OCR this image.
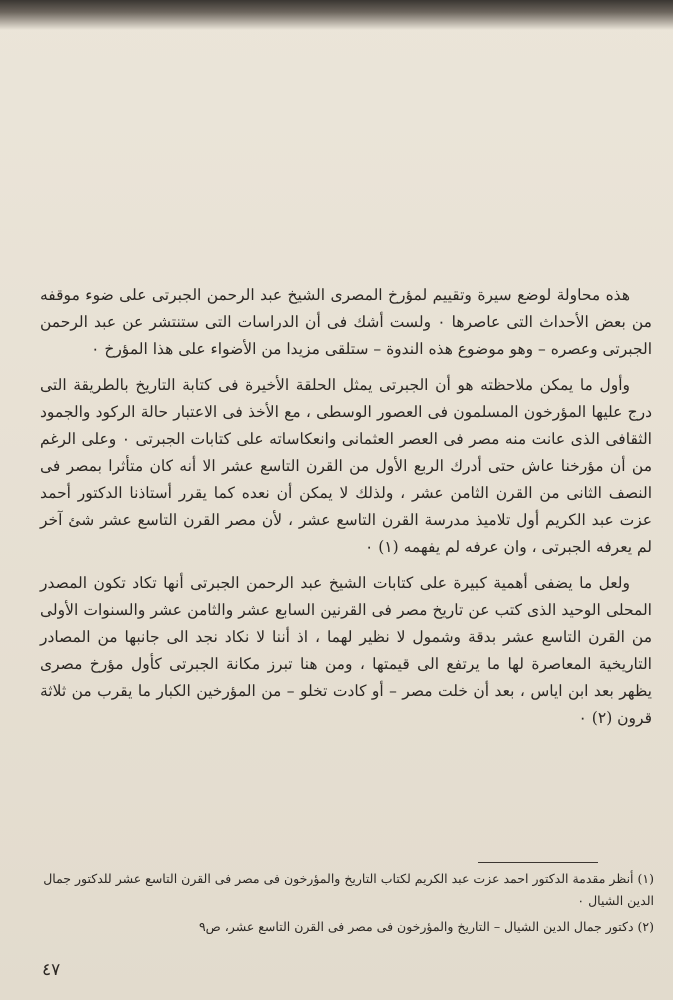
هذه محاولة لوضع سيرة وتقييم لمؤرخ المصرى الشيخ عبد الرحمن الجبرتى على ضوء موقفه من بعض الأحداث التى عاصرها ٠ ولست أشك فى أن الدراسات التى ستنتشر عن عبد الرحمن الجبرتى وعصره – وهو موضوع هذه الندوة – ستلقى مزيدا من الأضواء على هذا المؤرخ ٠

وأول ما يمكن ملاحظته هو أن الجبرتى يمثل الحلقة الأخيرة فى كتابة التاريخ بالطريقة التى درج عليها المؤرخون المسلمون فى العصور الوسطى ، مع الأخذ فى الاعتبار حالة الركود والجمود الثقافى الذى عانت منه مصر فى العصر العثمانى وانعكاساته على كتابات الجبرتى ٠ وعلى الرغم من أن مؤرخنا عاش حتى أدرك الربع الأول من القرن التاسع عشر الا أنه كان متأثرا بمصر فى النصف الثانى من القرن الثامن عشر ، ولذلك لا يمكن أن نعده كما يقرر أستاذنا الدكتور أحمد عزت عبد الكريم أول تلاميذ مدرسة القرن التاسع عشر ، لأن مصر القرن التاسع عشر شئ آخر لم يعرفه الجبرتى ، وان عرفه لم يفهمه (١) ٠

ولعل ما يضفى أهمية كبيرة على كتابات الشيخ عبد الرحمن الجبرتى أنها تكاد تكون المصدر المحلى الوحيد الذى كتب عن تاريخ مصر فى القرنين السابع عشر والثامن عشر والسنوات الأولى من القرن التاسع عشر بدقة وشمول لا نظير لهما ، اذ أننا لا نكاد نجد الى جانبها من المصادر التاريخية المعاصرة لها ما يرتفع الى قيمتها ، ومن هنا تبرز مكانة الجبرتى كأول مؤرخ مصرى يظهر بعد ابن اياس ، بعد أن خلت مصر – أو كادت تخلو – من المؤرخين الكبار ما يقرب من ثلاثة قرون (٢) ٠

(١) أنظر مقدمة الدكتور احمد عزت عبد الكريم لكتاب التاريخ والمؤرخون فى مصر فى القرن التاسع عشر للدكتور جمال الدين الشيال ٠

(٢) دكتور جمال الدين الشيال – التاريخ والمؤرخون فى مصر فى القرن التاسع عشر، ص٩

٤٧
